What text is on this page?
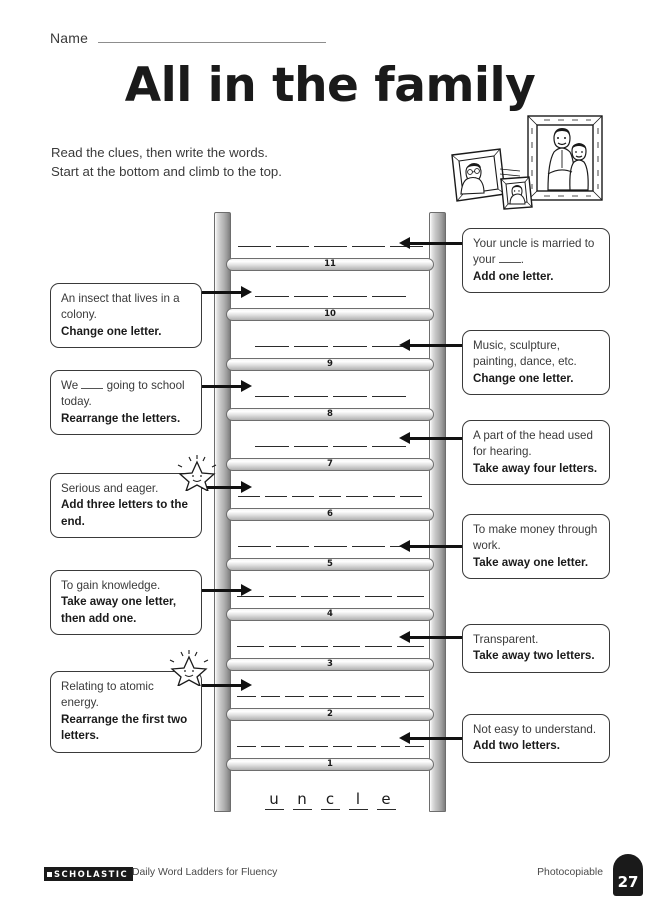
Name
All in the family
Read the clues, then write the words.
Start at the bottom and climb to the top.
11
10
9
8
7
6
5
4
3
2
1
u n c l e
Your uncle is married to your .
Add one letter.
Music, sculpture, painting, dance, etc.
Change one letter.
A part of the head used for hearing.
Take away four letters.
To make money through work.
Take away one letter.
Transparent.
Take away two letters.
Not easy to understand.
Add two letters.
An insect that lives in a colony.
Change one letter.
We  going to school today.
Rearrange the letters.
Serious and eager.
Add three letters to the end.
To gain knowledge.
Take away one letter, then add one.
Relating to atomic energy.
Rearrange the first two letters.
SCHOLASTIC Daily Word Ladders for Fluency	Photocopiable
27
